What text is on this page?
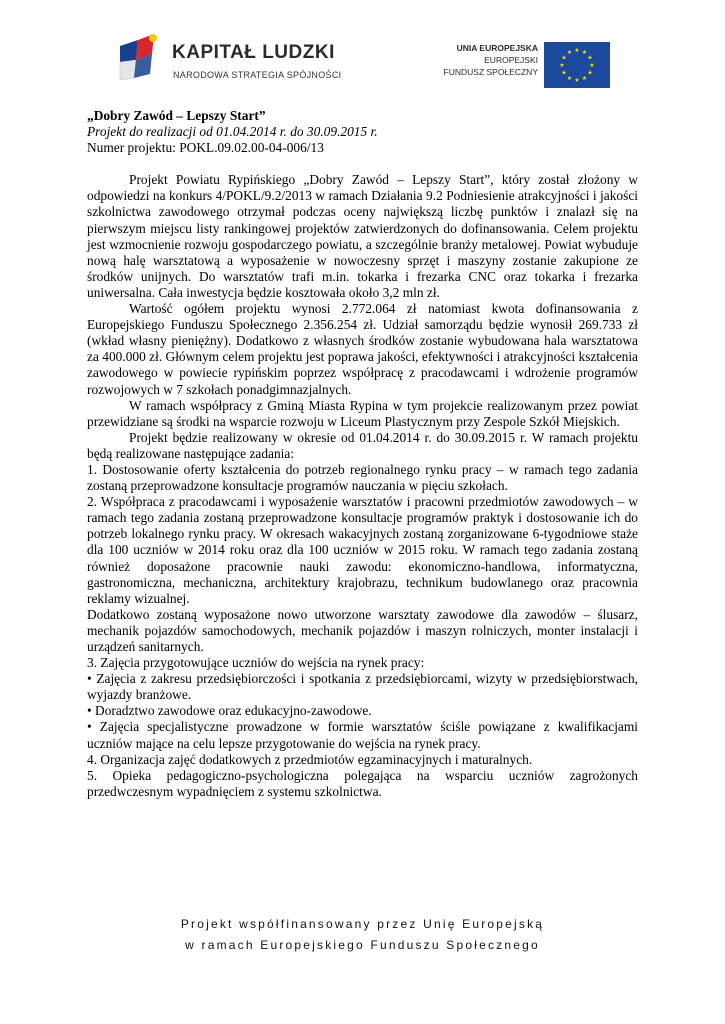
KAPITAŁ LUDZKI
NARODOWA STRATEGIA SPÓJNOŚCI
UNIA EUROPEJSKA
EUROPEJSKI
FUNDUSZ SPOŁECZNY
★ ★
★
★
★
★
★
★
★
★
★
★

„Dobry Zawód – Lepszy Start”

Projekt do realizacji od 01.04.2014 r. do 30.09.2015 r.

Numer projektu: POKL.09.02.00-04-006/13

Projekt Powiatu Rypińskiego „Dobry Zawód – Lepszy Start”, który został złożony w odpowiedzi na konkurs 4/POKL/9.2/2013 w ramach Działania 9.2 Podniesienie atrakcyjności i jakości szkolnictwa zawodowego otrzymał podczas oceny największą liczbę punktów i znalazł się na pierwszym miejscu listy rankingowej projektów zatwierdzonych do dofinansowania. Celem projektu jest wzmocnienie rozwoju gospodarczego powiatu, a szczególnie branży metalowej. Powiat wybuduje nową halę warsztatową a wyposażenie w nowoczesny sprzęt i maszyny zostanie zakupione ze środków unijnych. Do warsztatów trafi m.in. tokarka i frezarka CNC oraz tokarka i frezarka uniwersalna. Cała inwestycja będzie kosztowała około 3,2 mln zł.

Wartość ogółem projektu wynosi 2.772.064 zł natomiast kwota dofinansowania z Europejskiego Funduszu Społecznego 2.356.254 zł. Udział samorządu będzie wynosił 269.733 zł (wkład własny pieniężny). Dodatkowo z własnych środków zostanie wybudowana hala warsztatowa za 400.000 zł. Głównym celem projektu jest poprawa jakości, efektywności i atrakcyjności kształcenia zawodowego w powiecie rypińskim poprzez współpracę z pracodawcami i wdrożenie programów rozwojowych w 7 szkołach ponadgimnazjalnych.

W ramach współpracy z Gminą Miasta Rypina w tym projekcie realizowanym przez powiat przewidziane są środki na wsparcie rozwoju w Liceum Plastycznym przy Zespole Szkół Miejskich.

Projekt będzie realizowany w okresie od 01.04.2014 r. do 30.09.2015 r. W ramach projektu będą realizowane następujące zadania:

1. Dostosowanie oferty kształcenia do potrzeb regionalnego rynku pracy – w ramach tego zadania zostaną przeprowadzone konsultacje programów nauczania w pięciu szkołach.

2. Współpraca z pracodawcami i wyposażenie warsztatów i pracowni przedmiotów zawodowych – w ramach tego zadania zostaną przeprowadzone konsultacje programów praktyk i dostosowanie ich do potrzeb lokalnego rynku pracy. W okresach wakacyjnych zostaną zorganizowane 6-tygodniowe staże dla 100 uczniów w 2014 roku oraz dla 100 uczniów w 2015 roku. W ramach tego zadania zostaną również doposażone pracownie nauki zawodu: ekonomiczno-handlowa, informatyczna, gastronomiczna, mechaniczna, architektury krajobrazu, technikum budowlanego oraz pracownia reklamy wizualnej.

Dodatkowo zostaną wyposażone nowo utworzone warsztaty zawodowe dla zawodów – ślusarz, mechanik pojazdów samochodowych, mechanik pojazdów i maszyn rolniczych, monter instalacji i urządzeń sanitarnych.

3. Zajęcia przygotowujące uczniów do wejścia na rynek pracy:

• Zajęcia z zakresu przedsiębiorczości i spotkania z przedsiębiorcami, wizyty w przedsiębiorstwach, wyjazdy branżowe.

• Doradztwo zawodowe oraz edukacyjno-zawodowe.

• Zajęcia specjalistyczne prowadzone w formie warsztatów ściśle powiązane z kwalifikacjami uczniów mające na celu lepsze przygotowanie do wejścia na rynek pracy.

4. Organizacja zajęć dodatkowych z przedmiotów egzaminacyjnych i maturalnych.

5. Opieka pedagogiczno-psychologiczna polegająca na wsparciu uczniów zagrożonych przedwczesnym wypadnięciem z systemu szkolnictwa.

Projekt współfinansowany przez Unię Europejską
w ramach Europejskiego Funduszu Społecznego
